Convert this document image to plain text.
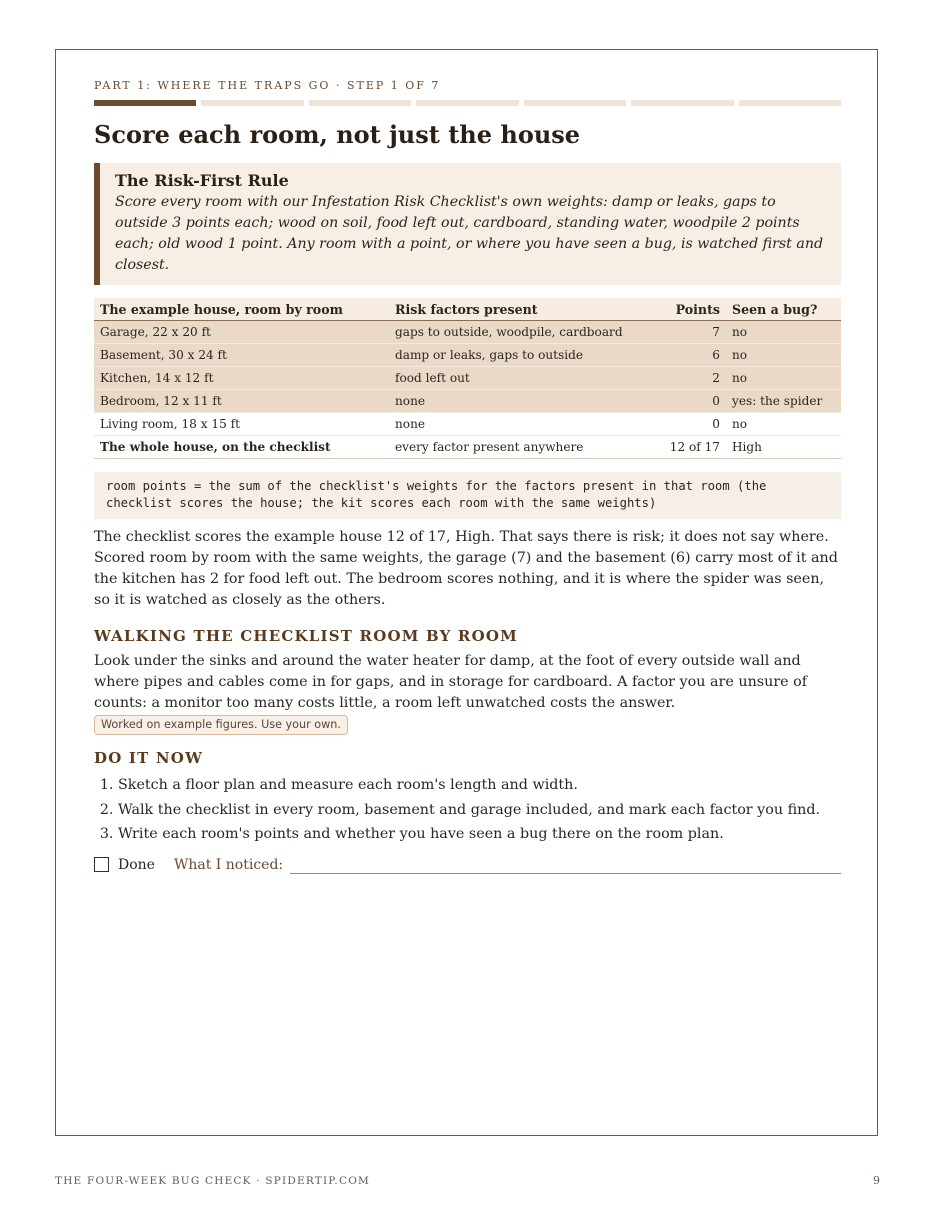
PART 1: WHERE THE TRAPS GO · STEP 1 OF 7
Score each room, not just the house
The Risk-First Rule
Score every room with our Infestation Risk Checklist's own weights: damp or leaks, gaps to outside 3 points each; wood on soil, food left out, cardboard, standing water, woodpile 2 points each; old wood 1 point. Any room with a point, or where you have seen a bug, is watched first and closest.
The example house, room by room	Risk factors present	Points	Seen a bug?
Garage, 22 x 20 ft	gaps to outside, woodpile, cardboard	7	no
Basement, 30 x 24 ft	damp or leaks, gaps to outside	6	no
Kitchen, 14 x 12 ft	food left out	2	no
Bedroom, 12 x 11 ft	none	0	yes: the spider
Living room, 18 x 15 ft	none	0	no
The whole house, on the checklist	every factor present anywhere	12 of 17	High
room points = the sum of the checklist's weights for the factors present in that room (the checklist scores the house; the kit scores each room with the same weights)

The checklist scores the example house 12 of 17, High. That says there is risk; it does not say where. Scored room by room with the same weights, the garage (7) and the basement (6) carry most of it and the kitchen has 2 for food left out. The bedroom scores nothing, and it is where the spider was seen, so it is watched as closely as the others.

WALKING THE CHECKLIST ROOM BY ROOM

Look under the sinks and around the water heater for damp, at the foot of every outside wall and where pipes and cables come in for gaps, and in storage for cardboard. A factor you are unsure of counts: a monitor too many costs little, a room left unwatched costs the answer. Worked on example figures. Use your own.

DO IT NOW
1. Sketch a floor plan and measure each room's length and width.
2. Walk the checklist in every room, basement and garage included, and mark each factor you find.
3. Write each room's points and whether you have seen a bug there on the room plan.
Done What I noticed:
THE FOUR-WEEK BUG CHECK · SPIDERTIP.COM	9
